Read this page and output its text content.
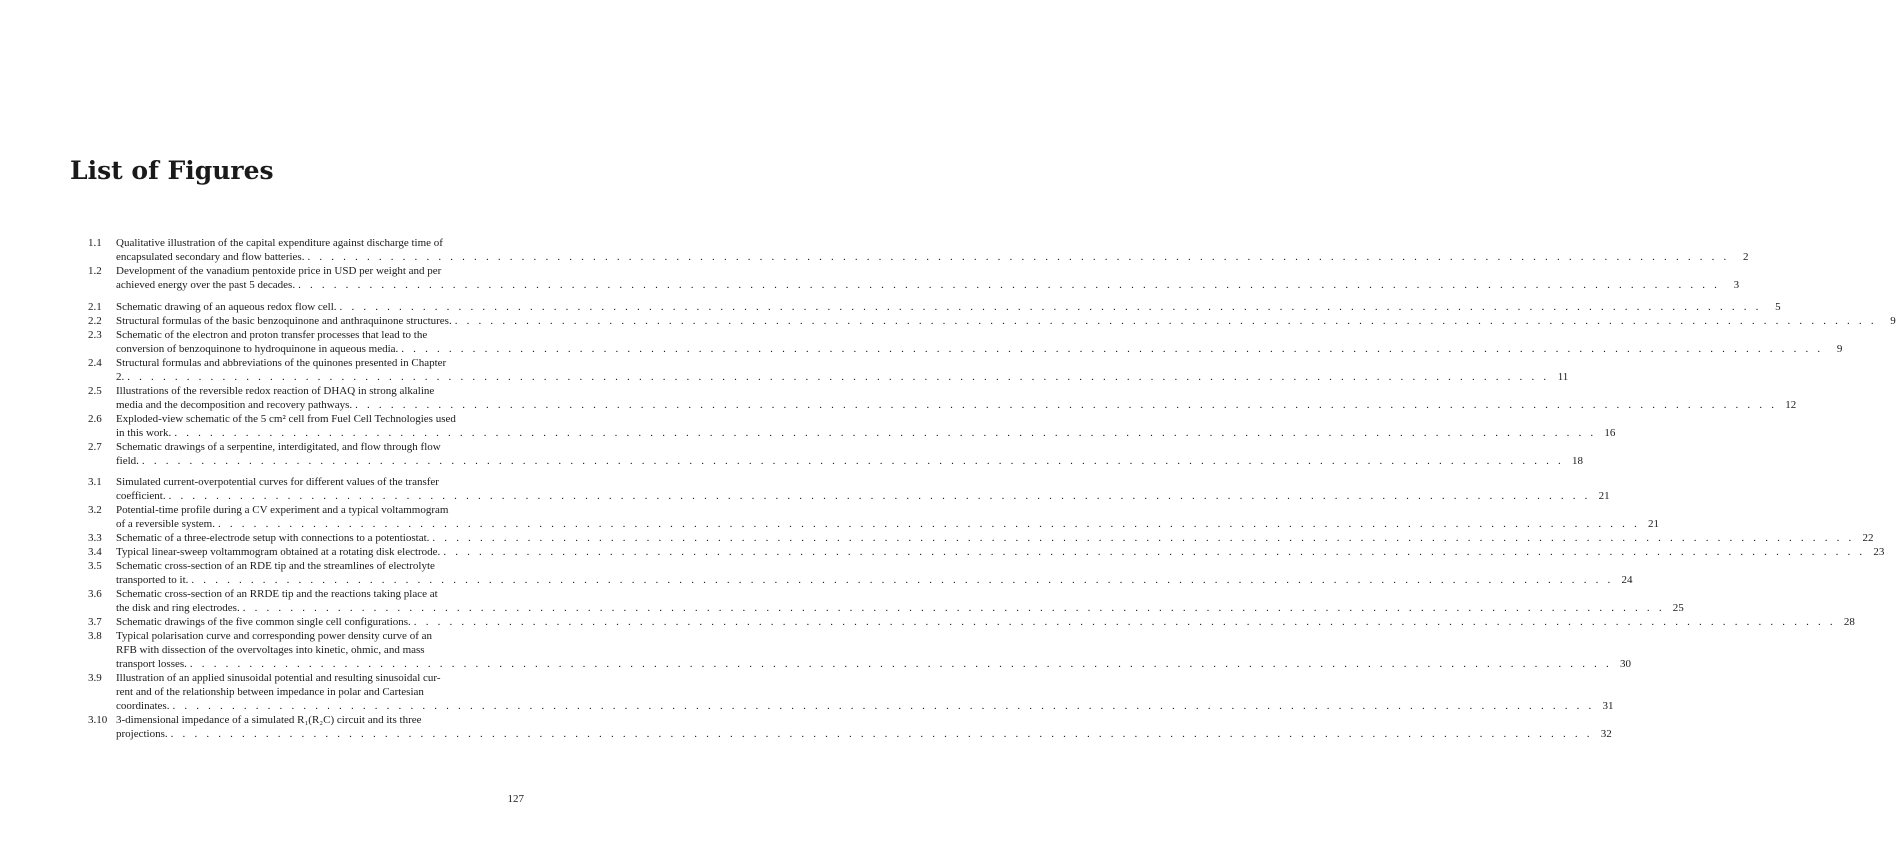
List of Figures
1.1	Qualitative illustration of the capital expenditure against discharge time of
encapsulated secondary and flow batteries. . . . . . . . . . . . . . . . . . . . . . . . . . . . . . . . . . . . . . . . . . . . . . . . . . . . . . . . . . . . . . . . . . . . . . . . . . . . . . . . . . . . . . . . . . . . . . . . . . . . . . . . . . . . . . . . . . . . . . . . .	2
1.2	Development of the vanadium pentoxide price in USD per weight and per
achieved energy over the past 5 decades. . . . . . . . . . . . . . . . . . . . . . . . . . . . . . . . . . . . . . . . . . . . . . . . . . . . . . . . . . . . . . . . . . . . . . . . . . . . . . . . . . . . . . . . . . . . . . . . . . . . . . . . . . . . . . . . . . . . . . . . .	3
2.1	Schematic drawing of an aqueous redox flow cell. . . . . . . . . . . . . . . . . . . . . . . . . . . . . . . . . . . . . . . . . . . . . . . . . . . . . . . . . . . . . . . . . . . . . . . . . . . . . . . . . . . . . . . . . . . . . . . . . . . . . . . . . . . . . . . . . . . . . . . . .	5
2.2	Structural formulas of the basic benzoquinone and anthraquinone structures. . . . . . . . . . . . . . . . . . . . . . . . . . . . . . . . . . . . . . . . . . . . . . . . . . . . . . . . . . . . . . . . . . . . . . . . . . . . . . . . . . . . . . . . . . . . . . . . . . . . . . . . . . . . . . . . . . . . . . . . .	9
2.3	Schematic of the electron and proton transfer processes that lead to the
conversion of benzoquinone to hydroquinone in aqueous media. . . . . . . . . . . . . . . . . . . . . . . . . . . . . . . . . . . . . . . . . . . . . . . . . . . . . . . . . . . . . . . . . . . . . . . . . . . . . . . . . . . . . . . . . . . . . . . . . . . . . . . . . . . . . . . . . . . . . . . . .	9
2.4	Structural formulas and abbreviations of the quinones presented in Chapter
2. . . . . . . . . . . . . . . . . . . . . . . . . . . . . . . . . . . . . . . . . . . . . . . . . . . . . . . . . . . . . . . . . . . . . . . . . . . . . . . . . . . . . . . . . . . . . . . . . . . . . . . . . . . . . . . . . . . . . . . . . 11
2.5	Illustrations of the reversible redox reaction of DHAQ in strong alkaline
media and the decomposition and recovery pathways. . . . . . . . . . . . . . . . . . . . . . . . . . . . . . . . . . . . . . . . . . . . . . . . . . . . . . . . . . . . . . . . . . . . . . . . . . . . . . . . . . . . . . . . . . . . . . . . . . . . . . . . . . . . . . . . . . . . . . . . . 12
2.6	Exploded-view schematic of the 5 cm² cell from Fuel Cell Technologies used
in this work. . . . . . . . . . . . . . . . . . . . . . . . . . . . . . . . . . . . . . . . . . . . . . . . . . . . . . . . . . . . . . . . . . . . . . . . . . . . . . . . . . . . . . . . . . . . . . . . . . . . . . . . . . . . . . . . . . . . . . . . . 16
2.7	Schematic drawings of a serpentine, interdigitated, and flow through flow
field. . . . . . . . . . . . . . . . . . . . . . . . . . . . . . . . . . . . . . . . . . . . . . . . . . . . . . . . . . . . . . . . . . . . . . . . . . . . . . . . . . . . . . . . . . . . . . . . . . . . . . . . . . . . . . . . . . . . . . . . . 18
3.1	Simulated current-overpotential curves for different values of the transfer
coefficient. . . . . . . . . . . . . . . . . . . . . . . . . . . . . . . . . . . . . . . . . . . . . . . . . . . . . . . . . . . . . . . . . . . . . . . . . . . . . . . . . . . . . . . . . . . . . . . . . . . . . . . . . . . . . . . . . . . . . . . . . 21
3.2	Potential-time profile during a CV experiment and a typical voltammogram
of a reversible system. . . . . . . . . . . . . . . . . . . . . . . . . . . . . . . . . . . . . . . . . . . . . . . . . . . . . . . . . . . . . . . . . . . . . . . . . . . . . . . . . . . . . . . . . . . . . . . . . . . . . . . . . . . . . . . . . . . . . . . . . 21
3.3	Schematic of a three-electrode setup with connections to a potentiostat. . . . . . . . . . . . . . . . . . . . . . . . . . . . . . . . . . . . . . . . . . . . . . . . . . . . . . . . . . . . . . . . . . . . . . . . . . . . . . . . . . . . . . . . . . . . . . . . . . . . . . . . . . . . . . . . . . . . . . . . . 22
3.4	Typical linear-sweep voltammogram obtained at a rotating disk electrode. . . . . . . . . . . . . . . . . . . . . . . . . . . . . . . . . . . . . . . . . . . . . . . . . . . . . . . . . . . . . . . . . . . . . . . . . . . . . . . . . . . . . . . . . . . . . . . . . . . . . . . . . . . . . . . . . . . . . . . . . 23
3.5	Schematic cross-section of an RDE tip and the streamlines of electrolyte
transported to it. . . . . . . . . . . . . . . . . . . . . . . . . . . . . . . . . . . . . . . . . . . . . . . . . . . . . . . . . . . . . . . . . . . . . . . . . . . . . . . . . . . . . . . . . . . . . . . . . . . . . . . . . . . . . . . . . . . . . . . . . 24
3.6	Schematic cross-section of an RRDE tip and the reactions taking place at
the disk and ring electrodes. . . . . . . . . . . . . . . . . . . . . . . . . . . . . . . . . . . . . . . . . . . . . . . . . . . . . . . . . . . . . . . . . . . . . . . . . . . . . . . . . . . . . . . . . . . . . . . . . . . . . . . . . . . . . . . . . . . . . . . . . 25
3.7	Schematic drawings of the five common single cell configurations. . . . . . . . . . . . . . . . . . . . . . . . . . . . . . . . . . . . . . . . . . . . . . . . . . . . . . . . . . . . . . . . . . . . . . . . . . . . . . . . . . . . . . . . . . . . . . . . . . . . . . . . . . . . . . . . . . . . . . . . . 28
3.8	Typical polarisation curve and corresponding power density curve of an
RFB with dissection of the overvoltages into kinetic, ohmic, and mass
transport losses. . . . . . . . . . . . . . . . . . . . . . . . . . . . . . . . . . . . . . . . . . . . . . . . . . . . . . . . . . . . . . . . . . . . . . . . . . . . . . . . . . . . . . . . . . . . . . . . . . . . . . . . . . . . . . . . . . . . . . . . . 30
3.9	Illustration of an applied sinusoidal potential and resulting sinusoidal cur-
rent and of the relationship between impedance in polar and Cartesian
coordinates. . . . . . . . . . . . . . . . . . . . . . . . . . . . . . . . . . . . . . . . . . . . . . . . . . . . . . . . . . . . . . . . . . . . . . . . . . . . . . . . . . . . . . . . . . . . . . . . . . . . . . . . . . . . . . . . . . . . . . . . . 31
3.10 3-dimensional impedance of a simulated R₁(R₂C) circuit and its three
projections. . . . . . . . . . . . . . . . . . . . . . . . . . . . . . . . . . . . . . . . . . . . . . . . . . . . . . . . . . . . . . . . . . . . . . . . . . . . . . . . . . . . . . . . . . . . . . . . . . . . . . . . . . . . . . . . . . . . . . . . . 32
127
